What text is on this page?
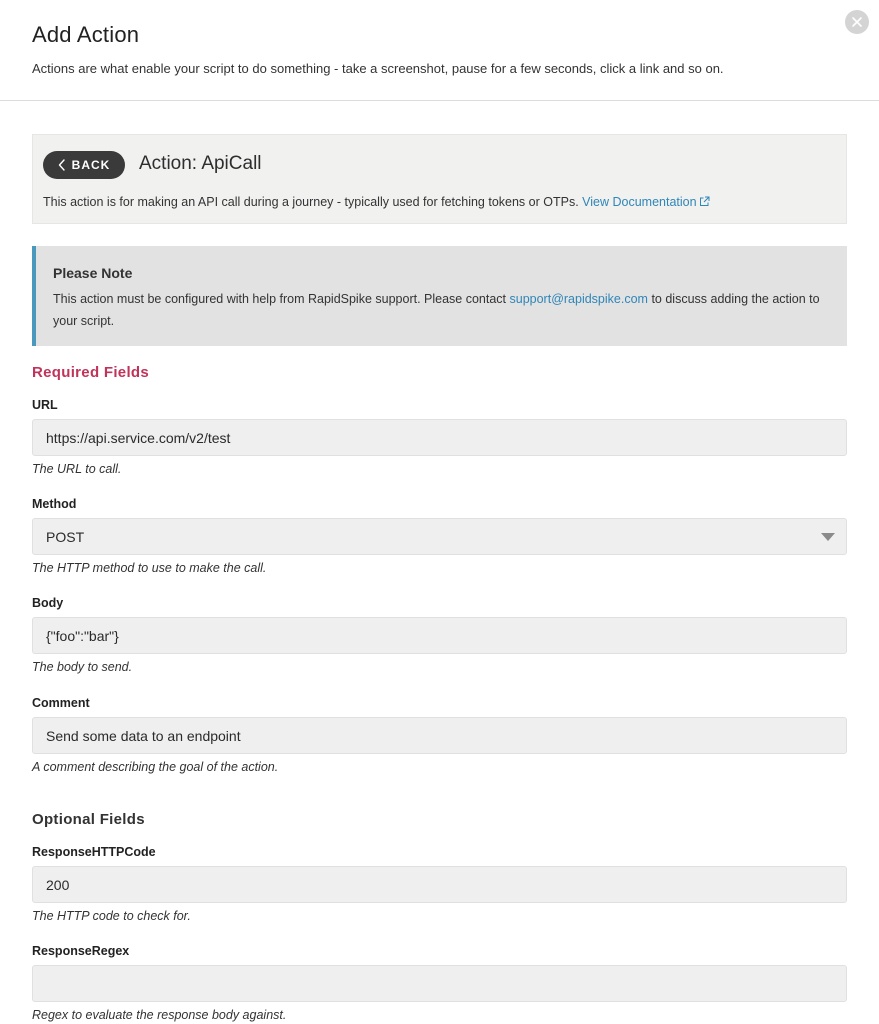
Add Action
Actions are what enable your script to do something - take a screenshot, pause for a few seconds, click a link and so on.
BACK Action: ApiCall
This action is for making an API call during a journey - typically used for fetching tokens or OTPs. View Documentation
Please Note
This action must be configured with help from RapidSpike support. Please contact support@rapidspike.com to discuss adding the action to your script.
Required Fields
URL
https://api.service.com/v2/test
The URL to call.
Method
POST
The HTTP method to use to make the call.
Body
{"foo":"bar"}
The body to send.
Comment
Send some data to an endpoint
A comment describing the goal of the action.
Optional Fields
ResponseHTTPCode
200
The HTTP code to check for.
ResponseRegex
Regex to evaluate the response body against.
